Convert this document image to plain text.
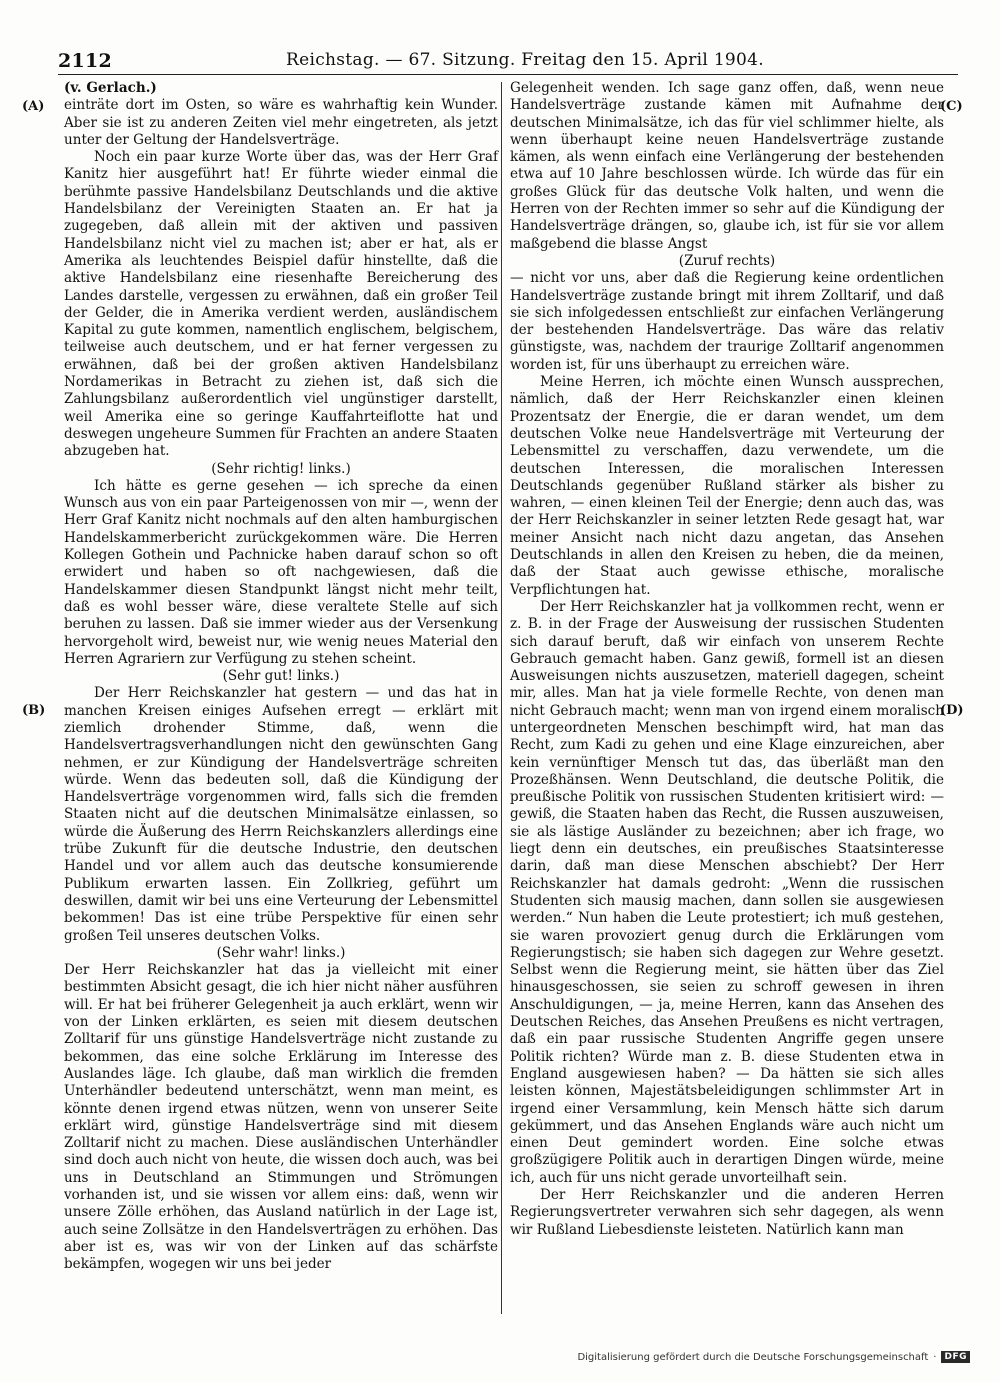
2112	Reichstag. — 67. Sitzung. Freitag den 15. April 1904.
(A)
(B)
(C)
(D)

(v. Gerlach.)

einträte dort im Osten, so wäre es wahrhaftig kein Wunder. Aber sie ist zu anderen Zeiten viel mehr eingetreten, als jetzt unter der Geltung der Handelsverträge.

Noch ein paar kurze Worte über das, was der Herr Graf Kanitz hier ausgeführt hat! Er führte wieder einmal die berühmte passive Handelsbilanz Deutschlands und die aktive Handelsbilanz der Vereinigten Staaten an. Er hat ja zugegeben, daß allein mit der aktiven und passiven Handelsbilanz nicht viel zu machen ist; aber er hat, als er Amerika als leuchtendes Beispiel dafür hinstellte, daß die aktive Handelsbilanz eine riesenhafte Bereicherung des Landes darstelle, vergessen zu erwähnen, daß ein großer Teil der Gelder, die in Amerika verdient werden, ausländischem Kapital zu gute kommen, namentlich englischem, belgischem, teilweise auch deutschem, und er hat ferner vergessen zu erwähnen, daß bei der großen aktiven Handelsbilanz Nordamerikas in Betracht zu ziehen ist, daß sich die Zahlungsbilanz außerordentlich viel ungünstiger darstellt, weil Amerika eine so geringe Kauffahrteiflotte hat und deswegen ungeheure Summen für Frachten an andere Staaten abzugeben hat.

(Sehr richtig! links.)

Ich hätte es gerne gesehen — ich spreche da einen Wunsch aus von ein paar Parteigenossen von mir —, wenn der Herr Graf Kanitz nicht nochmals auf den alten hamburgischen Handelskammerbericht zurückgekommen wäre. Die Herren Kollegen Gothein und Pachnicke haben darauf schon so oft erwidert und haben so oft nachgewiesen, daß die Handelskammer diesen Standpunkt längst nicht mehr teilt, daß es wohl besser wäre, diese veraltete Stelle auf sich beruhen zu lassen. Daß sie immer wieder aus der Versenkung hervorgeholt wird, beweist nur, wie wenig neues Material den Herren Agrariern zur Verfügung zu stehen scheint.

(Sehr gut! links.)

Der Herr Reichskanzler hat gestern — und das hat in manchen Kreisen einiges Aufsehen erregt — erklärt mit ziemlich drohender Stimme, daß, wenn die Handelsvertragsverhandlungen nicht den gewünschten Gang nehmen, er zur Kündigung der Handelsverträge schreiten würde. Wenn das bedeuten soll, daß die Kündigung der Handelsverträge vorgenommen wird, falls sich die fremden Staaten nicht auf die deutschen Minimalsätze einlassen, so würde die Äußerung des Herrn Reichskanzlers allerdings eine trübe Zukunft für die deutsche Industrie, den deutschen Handel und vor allem auch das deutsche konsumierende Publikum erwarten lassen. Ein Zollkrieg, geführt um deswillen, damit wir bei uns eine Verteurung der Lebensmittel bekommen! Das ist eine trübe Perspektive für einen sehr großen Teil unseres deutschen Volks.

(Sehr wahr! links.)

Der Herr Reichskanzler hat das ja vielleicht mit einer bestimmten Absicht gesagt, die ich hier nicht näher ausführen will. Er hat bei früherer Gelegenheit ja auch erklärt, wenn wir von der Linken erklärten, es seien mit diesem deutschen Zolltarif für uns günstige Handelsverträge nicht zustande zu bekommen, das eine solche Erklärung im Interesse des Auslandes läge. Ich glaube, daß man wirklich die fremden Unterhändler bedeutend unterschätzt, wenn man meint, es könnte denen irgend etwas nützen, wenn von unserer Seite erklärt wird, günstige Handelsverträge sind mit diesem Zolltarif nicht zu machen. Diese ausländischen Unterhändler sind doch auch nicht von heute, die wissen doch auch, was bei uns in Deutschland an Stimmungen und Strömungen vorhanden ist, und sie wissen vor allem eins: daß, wenn wir unsere Zölle erhöhen, das Ausland natürlich in der Lage ist, auch seine Zollsätze in den Handelsverträgen zu erhöhen. Das aber ist es, was wir von der Linken auf das schärfste bekämpfen, wogegen wir uns bei jeder

Gelegenheit wenden. Ich sage ganz offen, daß, wenn neue Handelsverträge zustande kämen mit Aufnahme der deutschen Minimalsätze, ich das für viel schlimmer hielte, als wenn überhaupt keine neuen Handelsverträge zustande kämen, als wenn einfach eine Verlängerung der bestehenden etwa auf 10 Jahre beschlossen würde. Ich würde das für ein großes Glück für das deutsche Volk halten, und wenn die Herren von der Rechten immer so sehr auf die Kündigung der Handelsverträge drängen, so, glaube ich, ist für sie vor allem maßgebend die blasse Angst

(Zuruf rechts)

— nicht vor uns, aber daß die Regierung keine ordentlichen Handelsverträge zustande bringt mit ihrem Zolltarif, und daß sie sich infolgedessen entschließt zur einfachen Verlängerung der bestehenden Handelsverträge. Das wäre das relativ günstigste, was, nachdem der traurige Zolltarif angenommen worden ist, für uns überhaupt zu erreichen wäre.

Meine Herren, ich möchte einen Wunsch aussprechen, nämlich, daß der Herr Reichskanzler einen kleinen Prozentsatz der Energie, die er daran wendet, um dem deutschen Volke neue Handelsverträge mit Verteurung der Lebensmittel zu verschaffen, dazu verwendete, um die deutschen Interessen, die moralischen Interessen Deutschlands gegenüber Rußland stärker als bisher zu wahren, — einen kleinen Teil der Energie; denn auch das, was der Herr Reichskanzler in seiner letzten Rede gesagt hat, war meiner Ansicht nach nicht dazu angetan, das Ansehen Deutschlands in allen den Kreisen zu heben, die da meinen, daß der Staat auch gewisse ethische, moralische Verpflichtungen hat.

Der Herr Reichskanzler hat ja vollkommen recht, wenn er z. B. in der Frage der Ausweisung der russischen Studenten sich darauf beruft, daß wir einfach von unserem Rechte Gebrauch gemacht haben. Ganz gewiß, formell ist an diesen Ausweisungen nichts auszusetzen, materiell dagegen, scheint mir, alles. Man hat ja viele formelle Rechte, von denen man nicht Gebrauch macht; wenn man von irgend einem moralisch untergeordneten Menschen beschimpft wird, hat man das Recht, zum Kadi zu gehen und eine Klage einzureichen, aber kein vernünftiger Mensch tut das, das überläßt man den Prozeßhänsen. Wenn Deutschland, die deutsche Politik, die preußische Politik von russischen Studenten kritisiert wird: — gewiß, die Staaten haben das Recht, die Russen auszuweisen, sie als lästige Ausländer zu bezeichnen; aber ich frage, wo liegt denn ein deutsches, ein preußisches Staatsinteresse darin, daß man diese Menschen abschiebt? Der Herr Reichskanzler hat damals gedroht: „Wenn die russischen Studenten sich mausig machen, dann sollen sie ausgewiesen werden.“ Nun haben die Leute protestiert; ich muß gestehen, sie waren provoziert genug durch die Erklärungen vom Regierungstisch; sie haben sich dagegen zur Wehre gesetzt. Selbst wenn die Regierung meint, sie hätten über das Ziel hinausgeschossen, sie seien zu schroff gewesen in ihren Anschuldigungen, — ja, meine Herren, kann das Ansehen des Deutschen Reiches, das Ansehen Preußens es nicht vertragen, daß ein paar russische Studenten Angriffe gegen unsere Politik richten? Würde man z. B. diese Studenten etwa in England ausgewiesen haben? — Da hätten sie sich alles leisten können, Majestätsbeleidigungen schlimmster Art in irgend einer Versammlung, kein Mensch hätte sich darum gekümmert, und das Ansehen Englands wäre auch nicht um einen Deut gemindert worden. Eine solche etwas großzügigere Politik auch in derartigen Dingen würde, meine ich, auch für uns nicht gerade unvorteilhaft sein.

Der Herr Reichskanzler und die anderen Herren Regierungsvertreter verwahren sich sehr dagegen, als wenn wir Rußland Liebesdienste leisteten. Natürlich kann man

Digitalisierung gefördert durch die Deutsche Forschungsgemeinschaft · DFG
